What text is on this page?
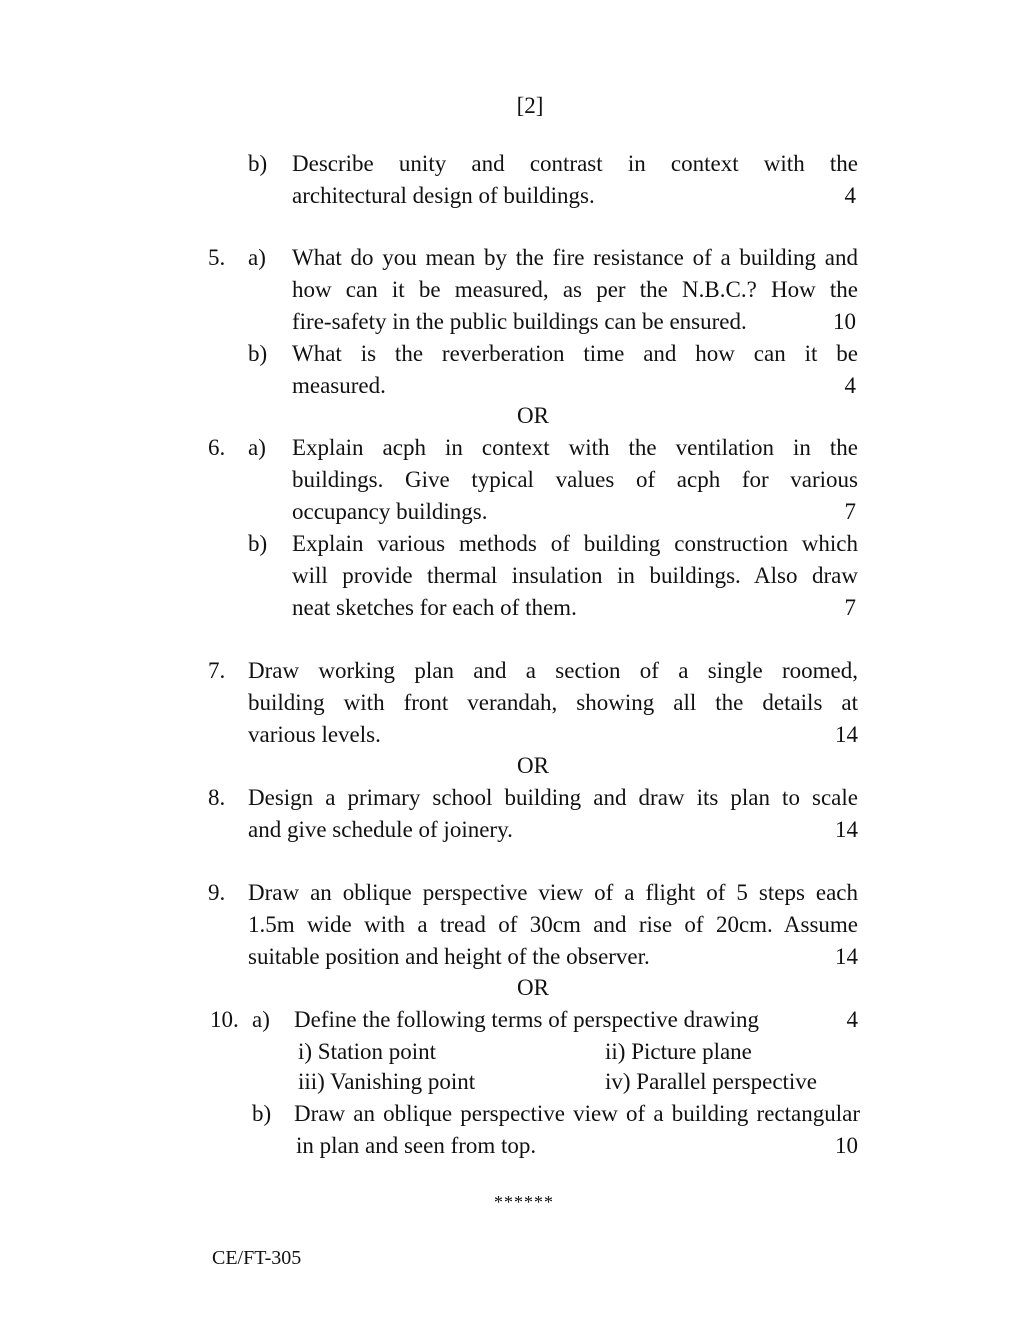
[2]
b) Describe unity and contrast in context with the
architectural design of buildings.	4
5. a) What do you mean by the fire resistance of a building and
how can it be measured, as per the N.B.C.? How the
fire-safety in the public buildings can be ensured.	10
b) What is the reverberation time and how can it be
measured.	4
OR
6. a) Explain acph in context with the ventilation in the
buildings. Give typical values of acph for various
occupancy buildings.	7
b) Explain various methods of building construction which
will provide thermal insulation in buildings. Also draw
neat sketches for each of them.	7
7. Draw working plan and a section of a single roomed,
building with front verandah, showing all the details at
various levels.	14
OR
8. Design a primary school building and draw its plan to scale
and give schedule of joinery.	14
9. Draw an oblique perspective view of a flight of 5 steps each
1.5m wide with a tread of 30cm and rise of 20cm. Assume
suitable position and height of the observer.	14
OR
10. a) Define the following terms of perspective drawing	4
i) Station point	ii) Picture plane
iii) Vanishing point	iv) Parallel perspective
b) Draw an oblique perspective view of a building rectangular
in plan and seen from top.	10
******
CE/FT-305
